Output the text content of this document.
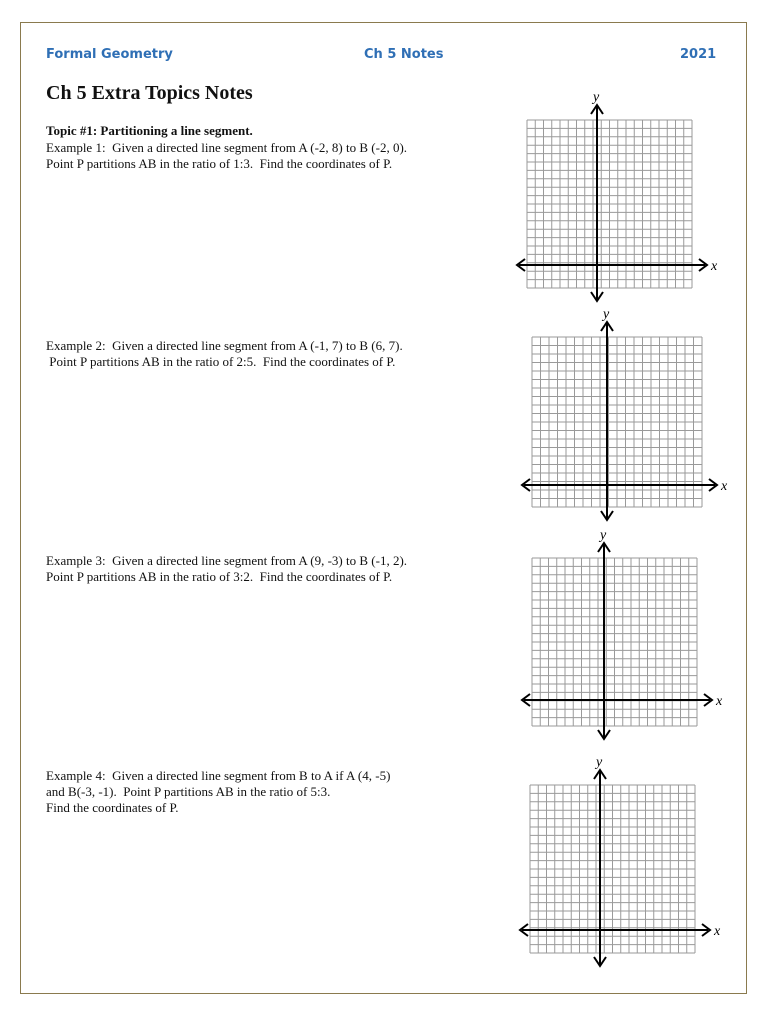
Formal Geometry	Ch 5 Notes	2021
Ch 5 Extra Topics Notes
Topic #1: Partitioning a line segment.
Example 1:  Given a directed line segment from A (-2, 8) to B (-2, 0).
Point P partitions AB in the ratio of 1:3.  Find the coordinates of P.
Example 2:  Given a directed line segment from A (-1, 7) to B (6, 7).
Point P partitions AB in the ratio of 2:5.  Find the coordinates of P.
Example 3:  Given a directed line segment from A (9, -3) to B (-1, 2).
Point P partitions AB in the ratio of 3:2.  Find the coordinates of P.
Example 4:  Given a directed line segment from B to A if A (4, -5)
and B(-3, -1).  Point P partitions AB in the ratio of 5:3.
Find the coordinates of P.
x
y
x
y
x
y
x
y
